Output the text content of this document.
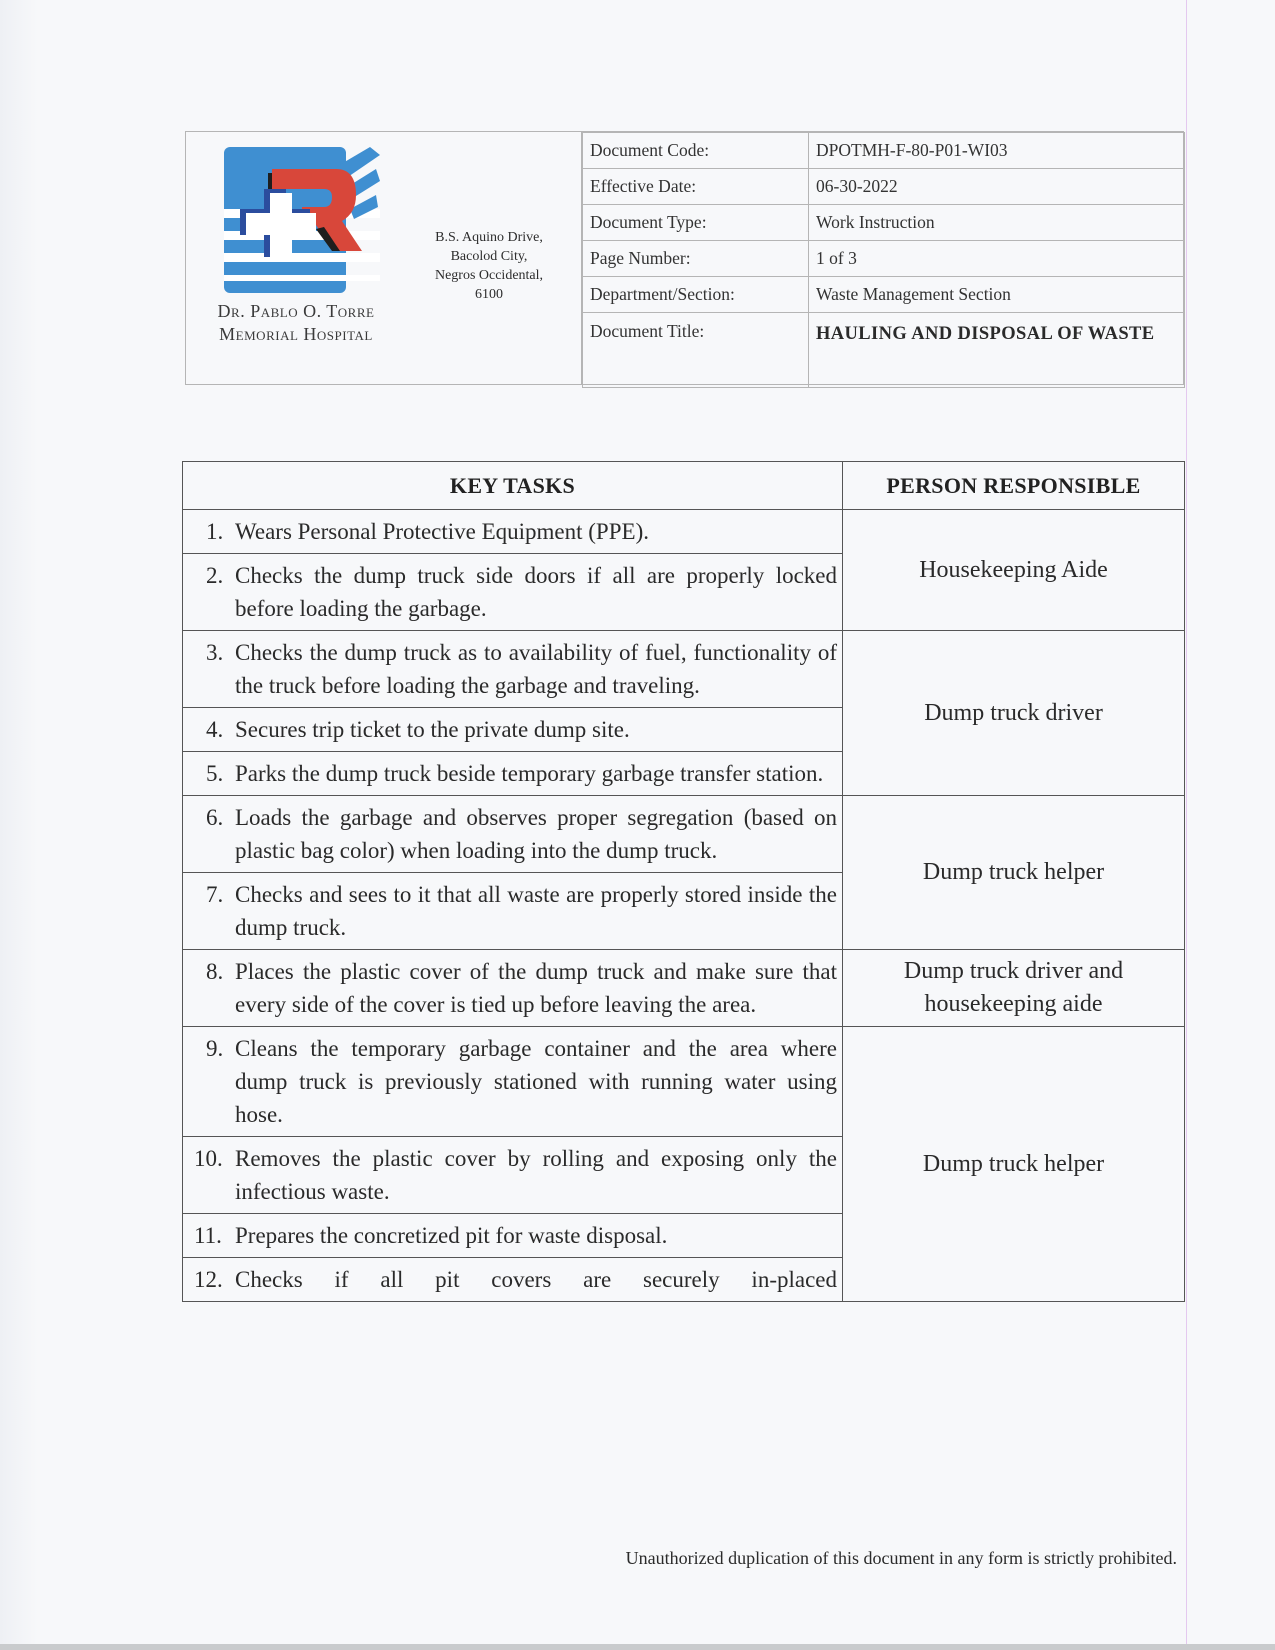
Dr. Pablo O. Torre
Memorial Hospital
B.S. Aquino Drive,
Bacolod City,
Negros Occidental,
6100
Document Code:	DPOTMH-F-80-P01-WI03
Effective Date:	06-30-2022
Document Type:	Work Instruction
Page Number:	1 of 3
Department/Section:	Waste Management Section
Document Title:	HAULING AND DISPOSAL OF WASTE
KEY TASKS	PERSON RESPONSIBLE
1. Wears Personal Protective Equipment (PPE).	Housekeeping Aide
2. Checks the dump truck side doors if all are properly locked before loading the garbage.	
3. Checks the dump truck as to availability of fuel, functionality of the truck before loading the garbage and traveling.	Dump truck driver
4. Secures trip ticket to the private dump site.	
5. Parks the dump truck beside temporary garbage transfer station.	
6. Loads the garbage and observes proper segregation (based on plastic bag color) when loading into the dump truck.	Dump truck helper
7. Checks and sees to it that all waste are properly stored inside the dump truck.	
8. Places the plastic cover of the dump truck and make sure that every side of the cover is tied up before leaving the area.	Dump truck driver and housekeeping aide
9. Cleans the temporary garbage container and the area where dump truck is previously stationed with running water using hose.	Dump truck helper
10. Removes the plastic cover by rolling and exposing only the infectious waste.	
11. Prepares the concretized pit for waste disposal.	
12. Checks if all pit covers are securely in-placed	
Unauthorized duplication of this document in any form is strictly prohibited.
